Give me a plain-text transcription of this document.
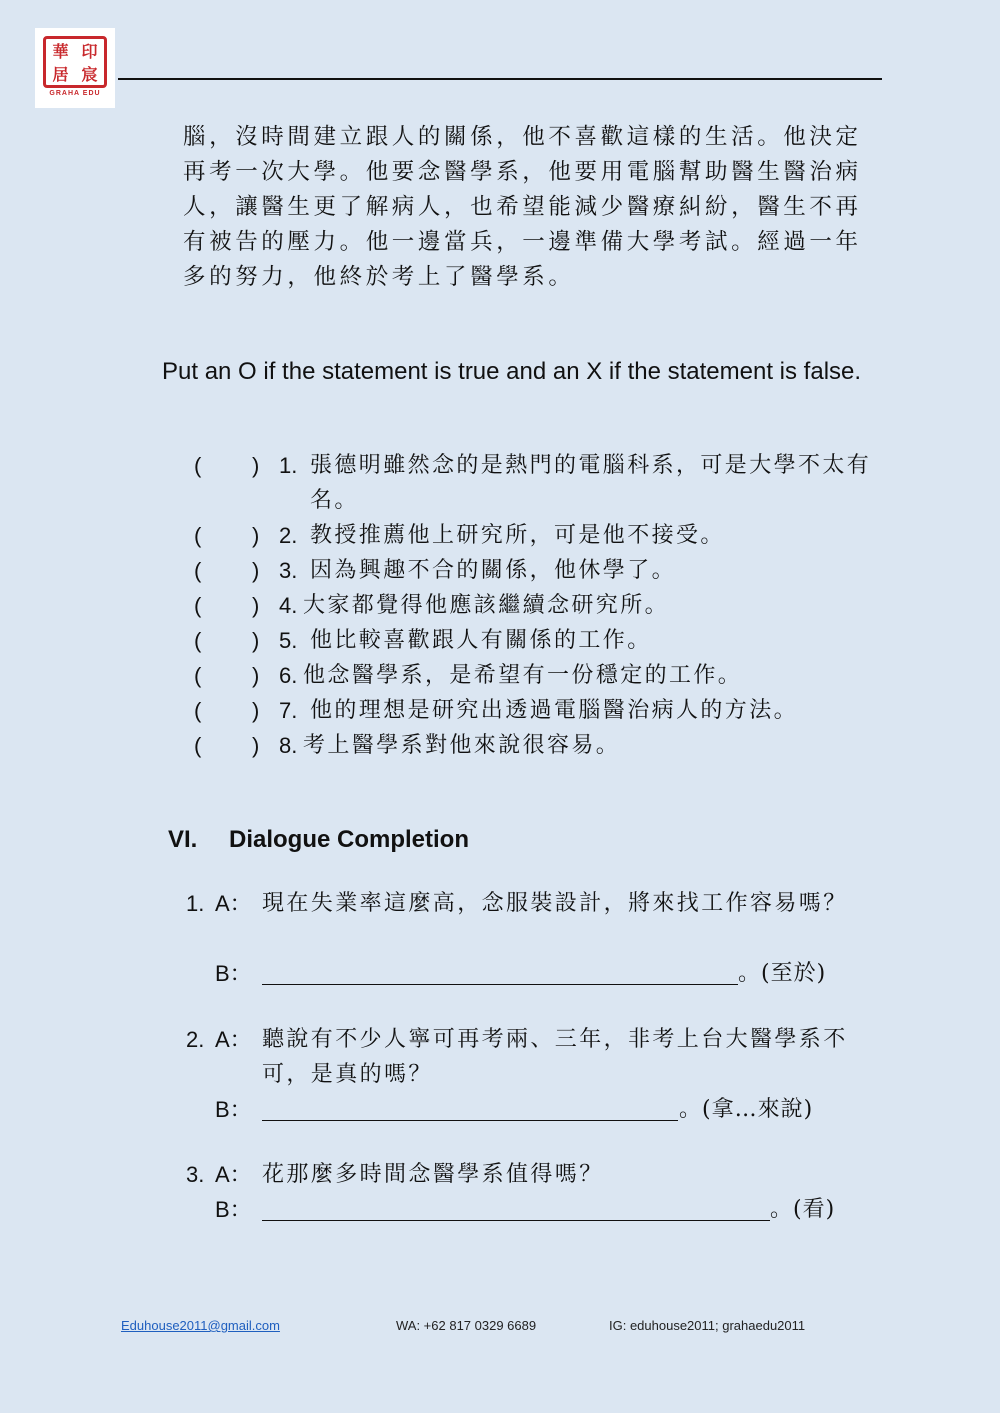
華 印
居 宸
GRAHA EDU

腦，沒時間建立跟人的關係，他不喜歡這樣的生活。他決定再考一次大學。他要念醫學系，他要用電腦幫助醫生醫治病人，讓醫生更了解病人，也希望能減少醫療糾紛，醫生不再有被告的壓力。他一邊當兵，一邊準備大學考試。經過一年多的努力，他終於考上了醫學系。

Put an O if the statement is true and an X if the statement is false.

( ) 1. 張德明雖然念的是熱門的電腦科系，可是大學不太有名。
( ) 2. 教授推薦他上研究所，可是他不接受。
( ) 3. 因為興趣不合的關係，他休學了。
( ) 4. 大家都覺得他應該繼續念研究所。
( ) 5. 他比較喜歡跟人有關係的工作。
( ) 6. 他念醫學系，是希望有一份穩定的工作。
( ) 7. 他的理想是研究出透過電腦醫治病人的方法。
( ) 8. 考上醫學系對他來說很容易。
VI. Dialogue Completion
1. A： 現在失業率這麼高，念服裝設計，將來找工作容易嗎？
B：	。(至於)
2. A： 聽說有不少人寧可再考兩、三年，非考上台大醫學系不可，是真的嗎？
B：	。(拿…來說)
3. A： 花那麼多時間念醫學系值得嗎？
B：	。(看)
Eduhouse2011@gmail.com	WA: +62 817 0329 6689	IG: eduhouse2011; grahaedu2011
